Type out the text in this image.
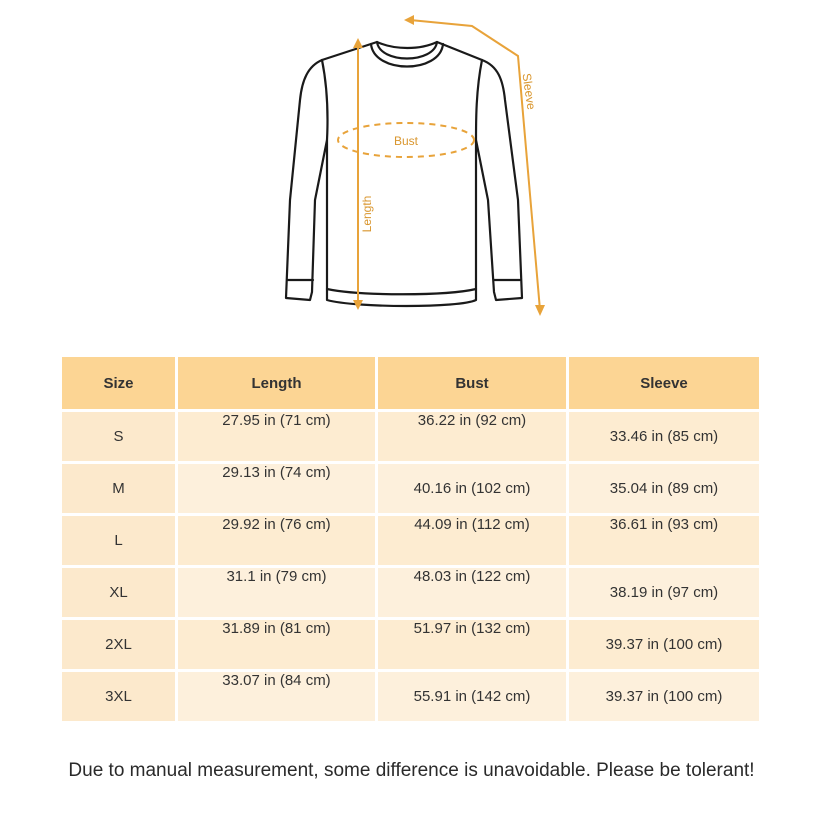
Bust
Length
Sleeve
Size	Length	Bust	Sleeve
S	27.95 in (71 cm)	36.22 in (92 cm)	33.46 in (85 cm)
M	29.13 in (74 cm)	40.16 in (102 cm)	35.04 in (89 cm)
L	29.92 in (76 cm)	44.09 in (112 cm)	36.61 in (93 cm)
XL	31.1 in (79 cm)	48.03 in (122 cm)	38.19 in (97 cm)
2XL	31.89 in (81 cm)	51.97 in (132 cm)	39.37 in (100 cm)
3XL	33.07 in (84 cm)	55.91 in (142 cm)	39.37 in (100 cm)
Due to manual measurement, some difference is unavoidable. Please be tolerant!
